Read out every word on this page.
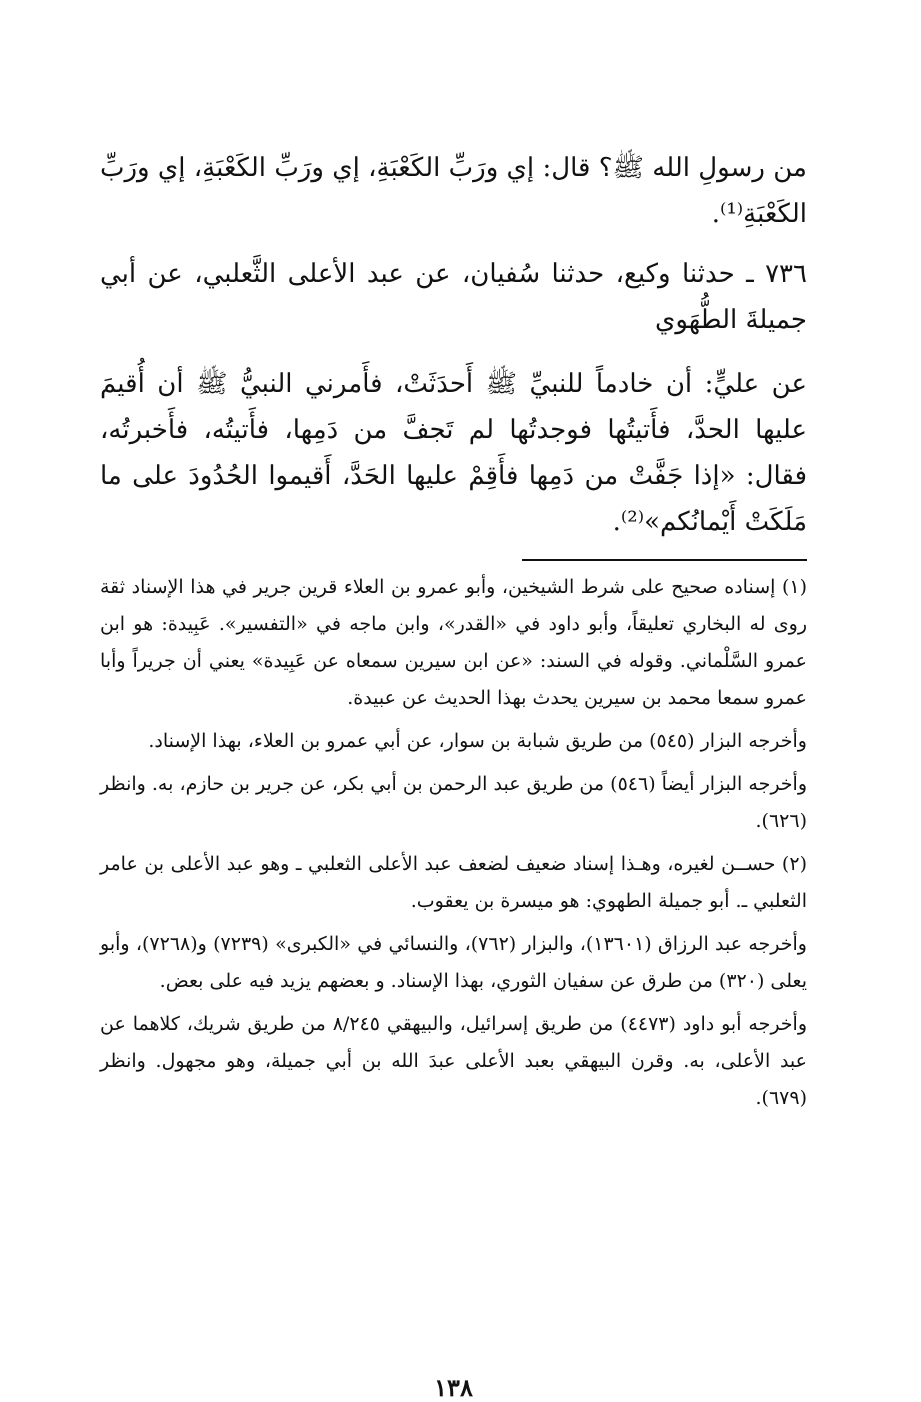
من رسولِ الله ﷺ؟ قال: إي ورَبِّ الكَعْبَةِ، إي ورَبِّ الكَعْبَةِ، إي ورَبِّ الكَعْبَةِ⁽¹⁾.

٧٣٦ ـ حدثنا وكيع، حدثنا سُفيان، عن عبد الأعلى الثَّعلبي، عن أبي جميلةَ الطُّهَوي

عن عليٍّ: أن خادماً للنبيِّ ﷺ أَحدَثَتْ، فأَمرني النبيُّ ﷺ أن أُقيمَ عليها الحدَّ، فأَتيتُها فوجدتُها لم تَجفَّ من دَمِها، فأَتيتُه، فأَخبرتُه، فقال: «إذا جَفَّتْ من دَمِها فأَقِمْ عليها الحَدَّ، أَقيموا الحُدُودَ على ما مَلَكَتْ أَيْمانُكم»⁽²⁾.

(١) إسناده صحيح على شرط الشيخين، وأبو عمرو بن العلاء قرين جرير في هذا الإسناد ثقة روى له البخاري تعليقاً، وأبو داود في «القدر»، وابن ماجه في «التفسير». عَبِيدة: هو ابن عمرو السَّلْماني. وقوله في السند: «عن ابن سيرين سمعاه عن عَبِيدة» يعني أن جريراً وأبا عمرو سمعا محمد بن سيرين يحدث بهذا الحديث عن عبيدة.

وأخرجه البزار (٥٤٥) من طريق شبابة بن سوار، عن أبي عمرو بن العلاء، بهذا الإسناد.

وأخرجه البزار أيضاً (٥٤٦) من طريق عبد الرحمن بن أبي بكر، عن جرير بن حازم، به. وانظر (٦٢٦).

(٢) حســن لغيره، وهـذا إسناد ضعيف لضعف عبد الأعلى الثعلبي ـ وهو عبد الأعلى بن عامر الثعلبي ـ. أبو جميلة الطهوي: هو ميسرة بن يعقوب.

وأخرجه عبد الرزاق (١٣٦٠١)، والبزار (٧٦٢)، والنسائي في «الكبرى» (٧٢٣٩) و(٧٢٦٨)، وأبو يعلى (٣٢٠) من طرق عن سفيان الثوري، بهذا الإسناد. و بعضهم يزيد فيه على بعض.

وأخرجه أبو داود (٤٤٧٣) من طريق إسرائيل، والبيهقي ٨/٢٤٥ من طريق شريك، كلاهما عن عبد الأعلى، به. وقرن البيهقي بعبد الأعلى عبدَ الله بن أبي جميلة، وهو مجهول. وانظر (٦٧٩).

١٣٨
